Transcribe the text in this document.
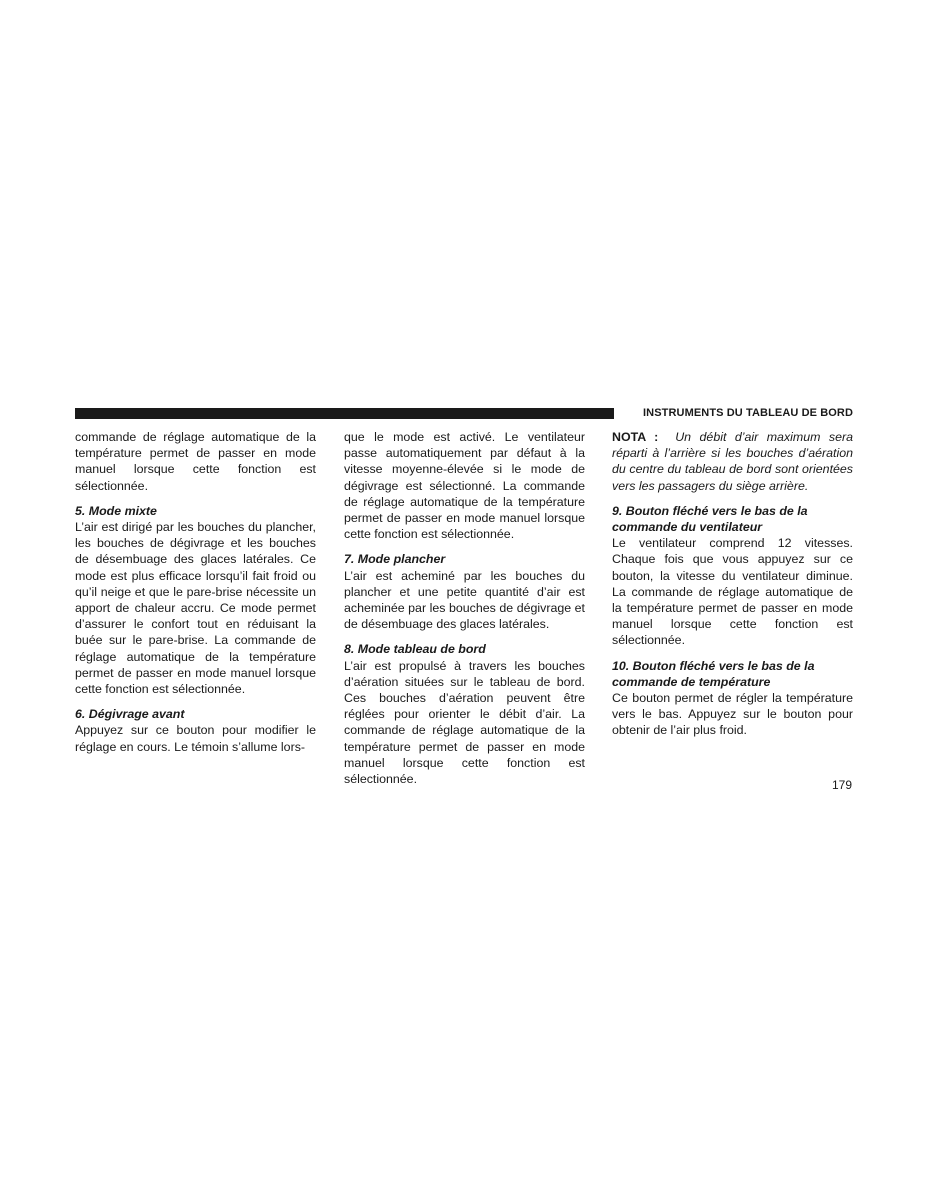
INSTRUMENTS DU TABLEAU DE BORD

commande de réglage automatique de la température permet de passer en mode manuel lorsque cette fonction est sélectionnée.

5. Mode mixte

L’air est dirigé par les bouches du plancher, les bouches de dégivrage et les bouches de désembuage des glaces latérales. Ce mode est plus efficace lorsqu’il fait froid ou qu’il neige et que le pare-brise nécessite un apport de chaleur accru. Ce mode permet d’assurer le confort tout en réduisant la buée sur le pare-brise. La commande de réglage automatique de la température permet de passer en mode manuel lorsque cette fonction est sélectionnée.

6. Dégivrage avant

Appuyez sur ce bouton pour modifier le réglage en cours. Le témoin s’allume lors-

que le mode est activé. Le ventilateur passe automatiquement par défaut à la vitesse moyenne-élevée si le mode de dégivrage est sélectionné. La commande de réglage automatique de la température permet de passer en mode manuel lorsque cette fonction est sélectionnée.

7. Mode plancher

L’air est acheminé par les bouches du plancher et une petite quantité d’air est acheminée par les bouches de dégivrage et de désembuage des glaces latérales.

8. Mode tableau de bord

L’air est propulsé à travers les bouches d’aération situées sur le tableau de bord. Ces bouches d’aération peuvent être réglées pour orienter le débit d’air. La commande de réglage automatique de la température permet de passer en mode manuel lorsque cette fonction est sélectionnée.

NOTA : Un débit d’air maximum sera réparti à l’arrière si les bouches d’aération du centre du tableau de bord sont orientées vers les passagers du siège arrière.

9. Bouton fléché vers le bas de la commande du ventilateur

Le ventilateur comprend 12 vitesses. Chaque fois que vous appuyez sur ce bouton, la vitesse du ventilateur diminue. La commande de réglage automatique de la température permet de passer en mode manuel lorsque cette fonction est sélectionnée.

10. Bouton fléché vers le bas de la commande de température

Ce bouton permet de régler la température vers le bas. Appuyez sur le bouton pour obtenir de l’air plus froid.

179
